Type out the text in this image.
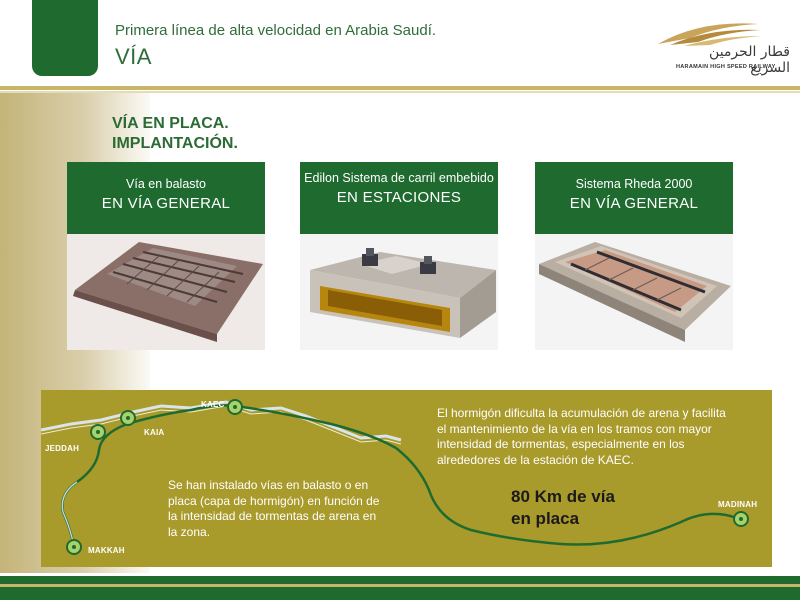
Primera línea de alta velocidad en Arabia Saudí.
VÍA	قطار الحرمين السريع
HARAMAIN HIGH SPEED RAILWAY
VÍA EN PLACA.
IMPLANTACIÓN.
Vía en balasto
EN VÍA GENERAL
Edilon Sistema de carril embebido
EN ESTACIONES
Sistema Rheda 2000
EN VÍA GENERAL
JEDDAH
KAIA
KAEC
MAKKAH
MADINAH
Se han instalado vías en balasto o en placa (capa de hormigón) en función de la intensidad de tormentas de arena en la zona.
El hormigón dificulta la acumulación de arena y facilita el mantenimiento de la vía en los tramos con mayor intensidad de tormentas, especialmente en los alrededores de la estación de KAEC.
80 Km de vía
en placa
